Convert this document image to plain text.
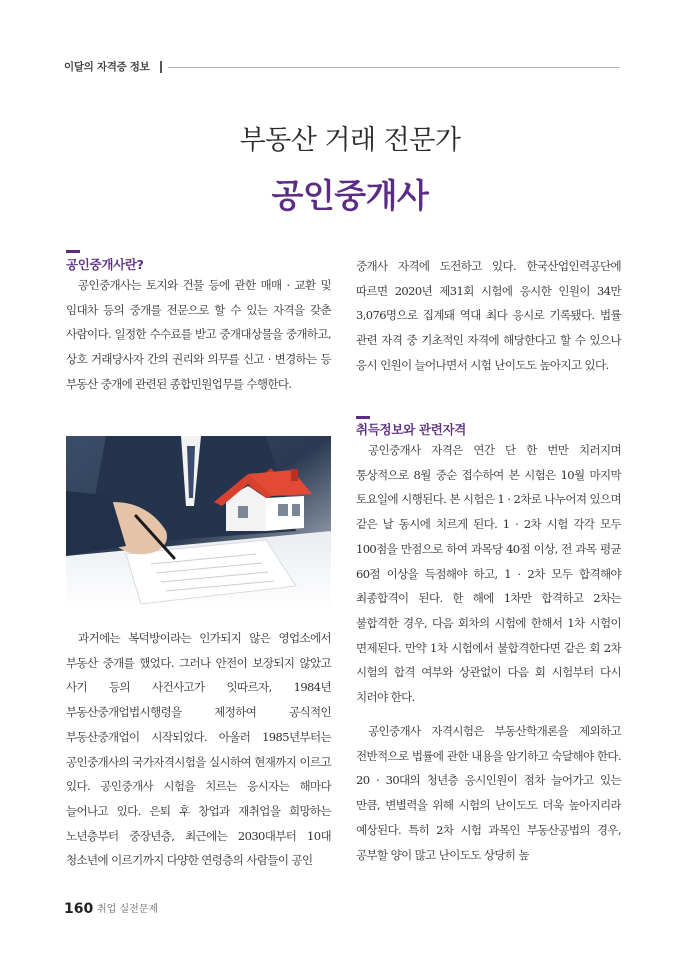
이달의 자격증 정보
부동산 거래 전문가
공인중개사
공인중개사란?

공인중개사는 토지와 건물 등에 관한 매매 · 교환 및 임대차 등의 중개를 전문으로 할 수 있는 자격을 갖춘 사람이다. 일정한 수수료를 받고 중개대상물을 중개하고, 상호 거래당사자 간의 권리와 의무를 신고 · 변경하는 등 부동산 중개에 관련된 종합민원업무를 수행한다.

과거에는 복덕방이라는 인가되지 않은 영업소에서 부동산 중개를 했었다. 그러나 안전이 보장되지 않았고 사기 등의 사건사고가 잇따르자, 1984년 부동산중개업법시행령을 제정하여 공식적인 부동산중개업이 시작되었다. 아울러 1985년부터는 공인중개사의 국가자격시험을 실시하여 현재까지 이르고 있다. 공인중개사 시험을 치르는 응시자는 해마다 늘어나고 있다. 은퇴 후 창업과 재취업을 희망하는 노년층부터 중장년층, 최근에는 2030대부터 10대 청소년에 이르기까지 다양한 연령층의 사람들이 공인

중개사 자격에 도전하고 있다. 한국산업인력공단에 따르면 2020년 제31회 시험에 응시한 인원이 34만 3,076명으로 집계돼 역대 최다 응시로 기록됐다. 법률 관련 자격 중 기초적인 자격에 해당한다고 할 수 있으나 응시 인원이 늘어나면서 시험 난이도도 높아지고 있다.

취득정보와 관련자격

공인중개사 자격은 연간 단 한 번만 치러지며 통상적으로 8월 중순 접수하여 본 시험은 10월 마지막 토요일에 시행된다. 본 시험은 1 · 2차로 나누어져 있으며 같은 날 동시에 치르게 된다. 1 · 2차 시험 각각 모두 100점을 만점으로 하여 과목당 40점 이상, 전 과목 평균 60점 이상을 득점해야 하고, 1 · 2차 모두 합격해야 최종합격이 된다. 한 해에 1차만 합격하고 2차는 불합격한 경우, 다음 회차의 시험에 한해서 1차 시험이 면제된다. 만약 1차 시험에서 불합격한다면 같은 회 2차 시험의 합격 여부와 상관없이 다음 회 시험부터 다시 치러야 한다.

공인중개사 자격시험은 부동산학개론을 제외하고 전반적으로 법률에 관한 내용을 암기하고 숙달해야 한다. 20 · 30대의 청년층 응시인원이 점차 늘어가고 있는 만큼, 변별력을 위해 시험의 난이도도 더욱 높아지리라 예상된다. 특히 2차 시험 과목인 부동산공법의 경우, 공부할 양이 많고 난이도도 상당히 높

160 취업 실전문제
